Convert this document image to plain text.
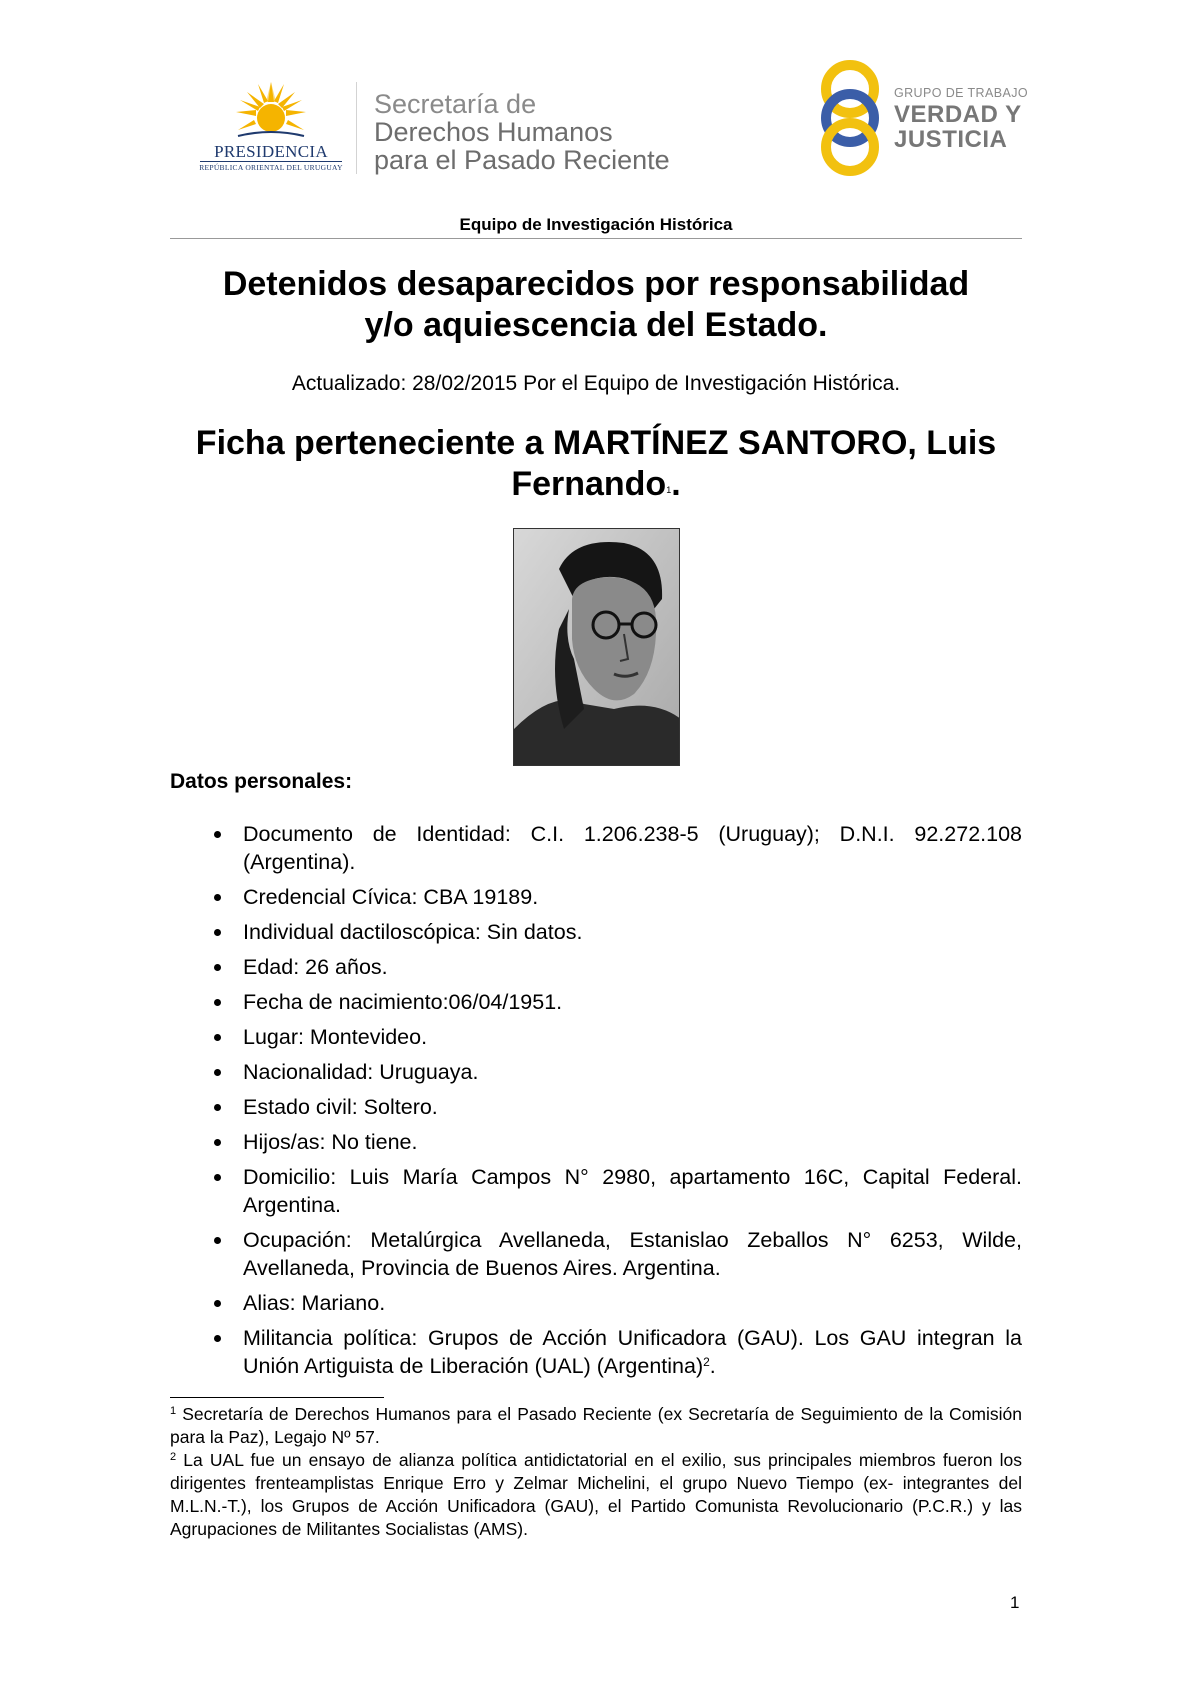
PRESIDENCIA
REPÚBLICA ORIENTAL DEL URUGUAY
Secretaría de
Derechos Humanos
para el Pasado Reciente
GRUPO DE TRABAJO
VERDAD Y
JUSTICIA
Equipo de Investigación Histórica
Detenidos desaparecidos por responsabilidad
y/o aquiescencia del Estado.
Actualizado: 28/02/2015 Por el Equipo de Investigación Histórica.
Ficha perteneciente a MARTÍNEZ SANTORO, Luis
Fernando$^1$.
Datos personales:
Documento de Identidad: C.I. 1.206.238-5 (Uruguay); D.N.I. 92.272.108 (Argentina).
Credencial Cívica: CBA 19189.
Individual dactiloscópica: Sin datos.
Edad: 26 años.
Fecha de nacimiento:06/04/1951.
Lugar: Montevideo.
Nacionalidad: Uruguaya.
Estado civil: Soltero.
Hijos/as: No tiene.
Domicilio: Luis María Campos N° 2980, apartamento 16C, Capital Federal. Argentina.
Ocupación: Metalúrgica Avellaneda, Estanislao Zeballos N° 6253, Wilde, Avellaneda, Provincia de Buenos Aires. Argentina.
Alias: Mariano.
Militancia política: Grupos de Acción Unificadora (GAU). Los GAU integran la Unión Artiguista de Liberación (UAL) (Argentina)$^2$.

$^1$ Secretaría de Derechos Humanos para el Pasado Reciente (ex Secretaría de Seguimiento de la Comisión para la Paz), Legajo Nº 57.

$^2$ La UAL fue un ensayo de alianza política antidictatorial en el exilio, sus principales miembros fueron los dirigentes frenteamplistas Enrique Erro y Zelmar Michelini, el grupo Nuevo Tiempo (ex- integrantes del M.L.N.-T.), los Grupos de Acción Unificadora (GAU), el Partido Comunista Revolucionario (P.C.R.) y las Agrupaciones de Militantes Socialistas (AMS).

1
